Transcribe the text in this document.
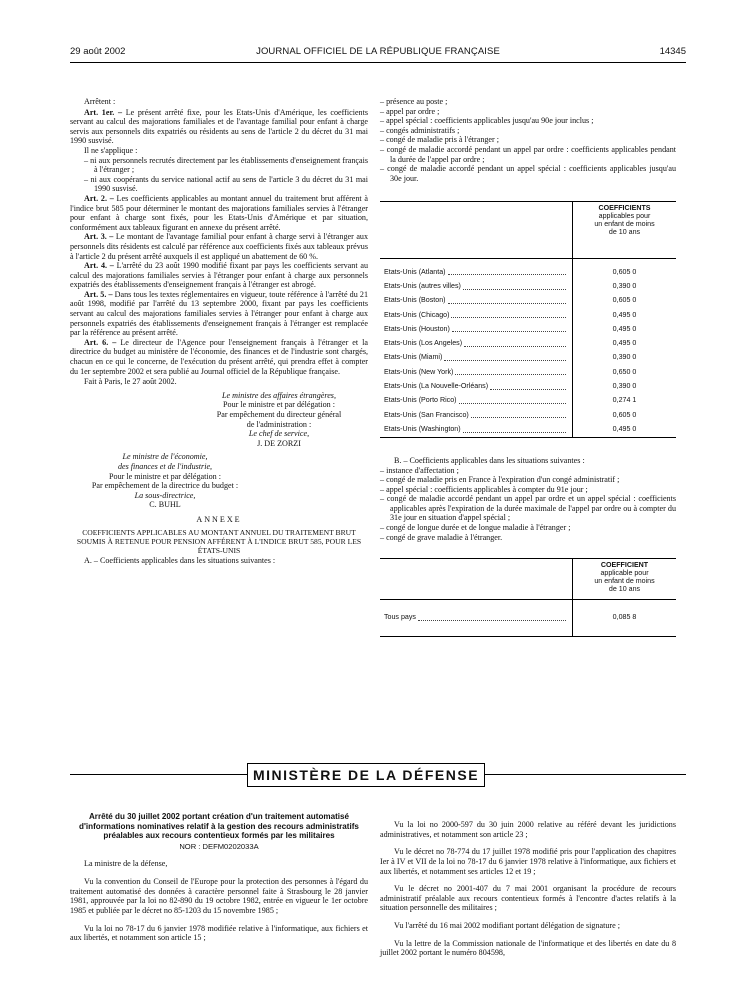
29 août 2002	JOURNAL OFFICIEL DE LA RÉPUBLIQUE FRANÇAISE	14345

Arrêtent :

Art. 1er. – Le présent arrêté fixe, pour les Etats-Unis d'Amérique, les coefficients servant au calcul des majorations familiales et de l'avantage familial pour enfant à charge servis aux personnels dits expatriés ou résidents au sens de l'article 2 du décret du 31 mai 1990 susvisé.

Il ne s'applique :

– ni aux personnels recrutés directement par les établissements d'enseignement français à l'étranger ;

– ni aux coopérants du service national actif au sens de l'article 3 du décret du 31 mai 1990 susvisé.

Art. 2. – Les coefficients applicables au montant annuel du traitement brut afférent à l'indice brut 585 pour déterminer le montant des majorations familiales servies à l'étranger pour enfant à charge sont fixés, pour les Etats-Unis d'Amérique et par situation, conformément aux tableaux figurant en annexe du présent arrêté.

Art. 3. – Le montant de l'avantage familial pour enfant à charge servi à l'étranger aux personnels dits résidents est calculé par référence aux coefficients fixés aux tableaux prévus à l'article 2 du présent arrêté auxquels il est appliqué un abattement de 60 %.

Art. 4. – L'arrêté du 23 août 1990 modifié fixant par pays les coefficients servant au calcul des majorations familiales servies à l'étranger pour enfant à charge aux personnels expatriés des établissements d'enseignement français à l'étranger est abrogé.

Art. 5. – Dans tous les textes réglementaires en vigueur, toute référence à l'arrêté du 21 août 1998, modifié par l'arrêté du 13 septembre 2000, fixant par pays les coefficients servant au calcul des majorations familiales servies à l'étranger pour enfant à charge aux personnels expatriés des établissements d'enseignement français à l'étranger est remplacée par la référence au présent arrêté.

Art. 6. – Le directeur de l'Agence pour l'enseignement français à l'étranger et la directrice du budget au ministère de l'économie, des finances et de l'industrie sont chargés, chacun en ce qui le concerne, de l'exécution du présent arrêté, qui prendra effet à compter du 1er septembre 2002 et sera publié au Journal officiel de la République française.

Fait à Paris, le 27 août 2002.

Le ministre des affaires étrangères,

Pour le ministre et par délégation :

Par empêchement du directeur général

de l'administration :

Le chef de service,

J. DE ZORZI

Le ministre de l'économie,

des finances et de l'industrie,

Pour le ministre et par délégation :

Par empêchement de la directrice du budget :

La sous-directrice,

C. BUHL

ANNEXE

COEFFICIENTS APPLICABLES AU MONTANT ANNUEL DU TRAITEMENT BRUT SOUMIS À RETENUE POUR PENSION AFFÉRENT À L'INDICE BRUT 585, POUR LES ÉTATS-UNIS

A. – Coefficients applicables dans les situations suivantes :

– présence au poste ;

– appel par ordre ;

– appel spécial : coefficients applicables jusqu'au 90e jour inclus ;

– congés administratifs ;

– congé de maladie pris à l'étranger ;

– congé de maladie accordé pendant un appel par ordre : coefficients applicables pendant la durée de l'appel par ordre ;

– congé de maladie accordé pendant un appel spécial : coefficients applicables jusqu'au 30e jour.

	COEFFICIENTS
applicables pour
un enfant de moins
de 10 ans

Etats-Unis (Atlanta)	0,605 0

Etats-Unis (autres villes)	0,390 0

Etats-Unis (Boston)	0,605 0

Etats-Unis (Chicago)	0,495 0

Etats-Unis (Houston)	0,495 0

Etats-Unis (Los Angeles)	0,495 0

Etats-Unis (Miami)	0,390 0

Etats-Unis (New York)	0,650 0

Etats-Unis (La Nouvelle-Orléans)	0,390 0

Etats-Unis (Porto Rico)	0,274 1

Etats-Unis (San Francisco)	0,605 0

Etats-Unis (Washington)	0,495 0

B. – Coefficients applicables dans les situations suivantes :

– instance d'affectation ;

– congé de maladie pris en France à l'expiration d'un congé administratif ;

– appel spécial : coefficients applicables à compter du 91e jour ;

– congé de maladie accordé pendant un appel par ordre et un appel spécial : coefficients applicables après l'expiration de la durée maximale de l'appel par ordre ou à compter du 31e jour en situation d'appel spécial ;

– congé de longue durée et de longue maladie à l'étranger ;

– congé de grave maladie à l'étranger.

	COEFFICIENT
applicable pour
un enfant de moins
de 10 ans

Tous pays	0,085 8
MINISTÈRE DE LA DÉFENSE

Arrêté du 30 juillet 2002 portant création d'un traitement automatisé d'informations nominatives relatif à la gestion des recours administratifs préalables aux recours contentieux formés par les militaires

NOR : DEFM0202033A

La ministre de la défense,

Vu la convention du Conseil de l'Europe pour la protection des personnes à l'égard du traitement automatisé des données à caractère personnel faite à Strasbourg le 28 janvier 1981, approuvée par la loi no 82-890 du 19 octobre 1982, entrée en vigueur le 1er octobre 1985 et publiée par le décret no 85-1203 du 15 novembre 1985 ;

Vu la loi no 78-17 du 6 janvier 1978 modifiée relative à l'informatique, aux fichiers et aux libertés, et notamment son article 15 ;

Vu la loi no 2000-597 du 30 juin 2000 relative au référé devant les juridictions administratives, et notamment son article 23 ;

Vu le décret no 78-774 du 17 juillet 1978 modifié pris pour l'application des chapitres Ier à IV et VII de la loi no 78-17 du 6 janvier 1978 relative à l'informatique, aux fichiers et aux libertés, et notamment ses articles 12 et 19 ;

Vu le décret no 2001-407 du 7 mai 2001 organisant la procédure de recours administratif préalable aux recours contentieux formés à l'encontre d'actes relatifs à la situation personnelle des militaires ;

Vu l'arrêté du 16 mai 2002 modifiant portant délégation de signature ;

Vu la lettre de la Commission nationale de l'informatique et des libertés en date du 8 juillet 2002 portant le numéro 804598,
